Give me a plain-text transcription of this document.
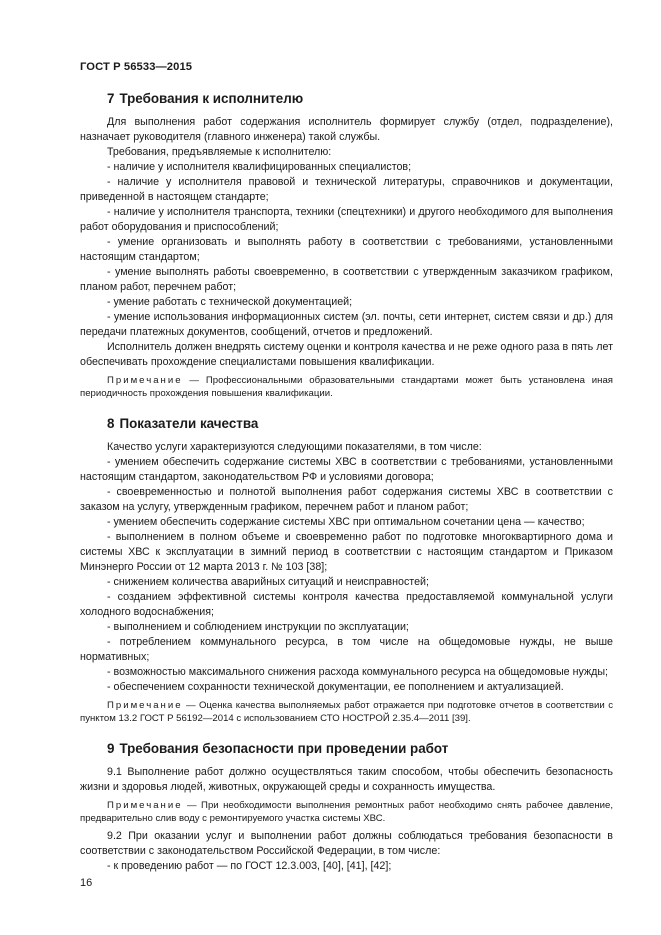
ГОСТ Р 56533—2015
7 Требования к исполнителю

Для выполнения работ содержания исполнитель формирует службу (отдел, подразделение), назначает руководителя (главного инженера) такой службы.

Требования, предъявляемые к исполнителю:

- наличие у исполнителя квалифицированных специалистов;

- наличие у исполнителя правовой и технической литературы, справочников и документации, приведенной в настоящем стандарте;

- наличие у исполнителя транспорта, техники (спецтехники) и другого необходимого для выполнения работ оборудования и приспособлений;

- умение организовать и выполнять работу в соответствии с требованиями, установленными настоящим стандартом;

- умение выполнять работы своевременно, в соответствии с утвержденным заказчиком графиком, планом работ, перечнем работ;

- умение работать с технической документацией;

- умение использования информационных систем (эл. почты, сети интернет, систем связи и др.) для передачи платежных документов, сообщений, отчетов и предложений.

Исполнитель должен внедрять систему оценки и контроля качества и не реже одного раза в пять лет обеспечивать прохождение специалистами повышения квалификации.

Примечание — Профессиональными образовательными стандартами может быть установлена иная периодичность прохождения повышения квалификации.

8 Показатели качества

Качество услуги характеризуются следующими показателями, в том числе:

- умением обеспечить содержание системы ХВС в соответствии с требованиями, установленными настоящим стандартом, законодательством РФ и условиями договора;

- своевременностью и полнотой выполнения работ содержания системы ХВС в соответствии с заказом на услугу, утвержденным графиком, перечнем работ и планом работ;

- умением обеспечить содержание системы ХВС при оптимальном сочетании цена — качество;

- выполнением в полном объеме и своевременно работ по подготовке многоквартирного дома и системы ХВС к эксплуатации в зимний период в соответствии с настоящим стандартом и Приказом Минэнерго России от 12 марта 2013 г. № 103 [38];

- снижением количества аварийных ситуаций и неисправностей;

- созданием эффективной системы контроля качества предоставляемой коммунальной услуги холодного водоснабжения;

- выполнением и соблюдением инструкции по эксплуатации;

- потреблением коммунального ресурса, в том числе на общедомовые нужды, не выше нормативных;

- возможностью максимального снижения расхода коммунального ресурса на общедомовые нужды;

- обеспечением сохранности технической документации, ее пополнением и актуализацией.

Примечание — Оценка качества выполняемых работ отражается при подготовке отчетов в соответствии с пунктом 13.2 ГОСТ Р 56192—2014 с использованием СТО НОСТРОЙ 2.35.4—2011 [39].

9 Требования безопасности при проведении работ

9.1 Выполнение работ должно осуществляться таким способом, чтобы обеспечить безопасность жизни и здоровья людей, животных, окружающей среды и сохранность имущества.

Примечание — При необходимости выполнения ремонтных работ необходимо снять рабочее давление, предварительно слив воду с ремонтируемого участка системы ХВС.

9.2 При оказании услуг и выполнении работ должны соблюдаться требования безопасности в соответствии с законодательством Российской Федерации, в том числе:

- к проведению работ — по ГОСТ 12.3.003, [40], [41], [42];

16
